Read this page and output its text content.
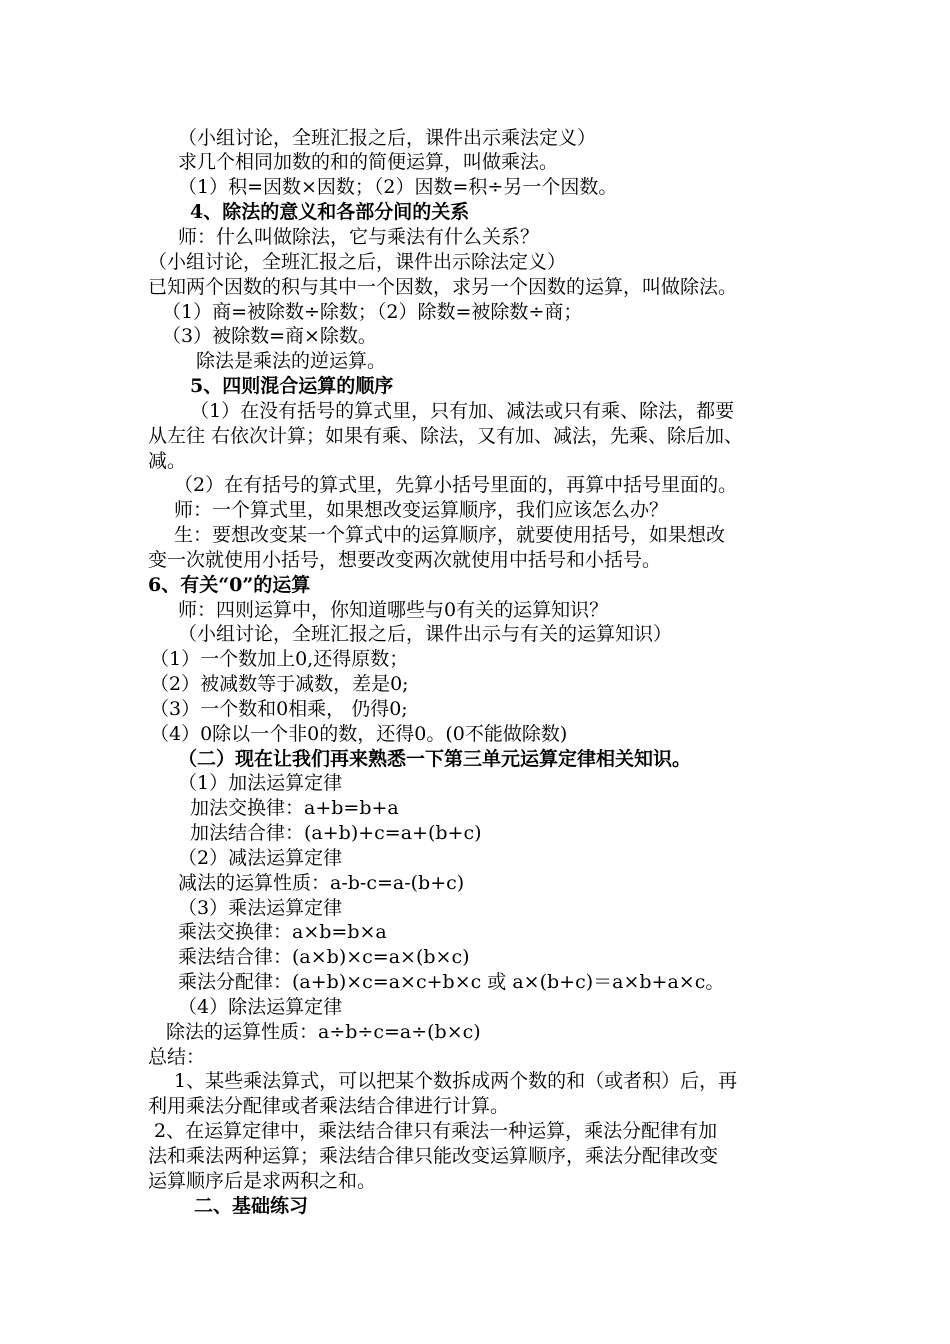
（小组讨论，全班汇报之后，课件出示乘法定义）
求几个相同加数的和的简便运算，叫做乘法。
（1）积=因数×因数；（2）因数=积÷另一个因数。
4、除法的意义和各部分间的关系
师：什么叫做除法，它与乘法有什么关系？
（小组讨论，全班汇报之后，课件出示除法定义）
已知两个因数的积与其中一个因数，求另一个因数的运算，叫做除法。
（1）商=被除数÷除数；（2）除数=被除数÷商；
（3）被除数=商×除数。
除法是乘法的逆运算。
5、四则混合运算的顺序
（1）在没有括号的算式里，只有加、减法或只有乘、除法，都要
从左往 右依次计算；如果有乘、除法，又有加、减法，先乘、除后加、
减。
（2）在有括号的算式里，先算小括号里面的，再算中括号里面的。
师：一个算式里，如果想改变运算顺序，我们应该怎么办？
生：要想改变某一个算式中的运算顺序，就要使用括号，如果想改
变一次就使用小括号，想要改变两次就使用中括号和小括号。
6、有关“0”的运算
师：四则运算中，你知道哪些与0有关的运算知识？
（小组讨论，全班汇报之后，课件出示与有关的运算知识）
（1）一个数加上0,还得原数；
（2）被减数等于减数，差是0;
（3）一个数和0相乘， 仍得0;
（4）0除以一个非0的数，还得0。(0不能做除数)
（二）现在让我们再来熟悉一下第三单元运算定律相关知识。
（1）加法运算定律
加法交换律：a+b=b+a
加法结合律：(a+b)+c=a+(b+c)
（2）减法运算定律
减法的运算性质：a-b-c=a-(b+c)
（3）乘法运算定律
乘法交换律：a×b=b×a
乘法结合律：(a×b)×c=a×(b×c)
乘法分配律：(a+b)×c=a×c+b×c 或 a×(b+c)＝a×b+a×c。
（4）除法运算定律
除法的运算性质：a÷b÷c=a÷(b×c)
总结：
1、某些乘法算式，可以把某个数拆成两个数的和（或者积）后，再
利用乘法分配律或者乘法结合律进行计算。
2、在运算定律中，乘法结合律只有乘法一种运算，乘法分配律有加
法和乘法两种运算；乘法结合律只能改变运算顺序，乘法分配律改变
运算顺序后是求两积之和。
二、基础练习
